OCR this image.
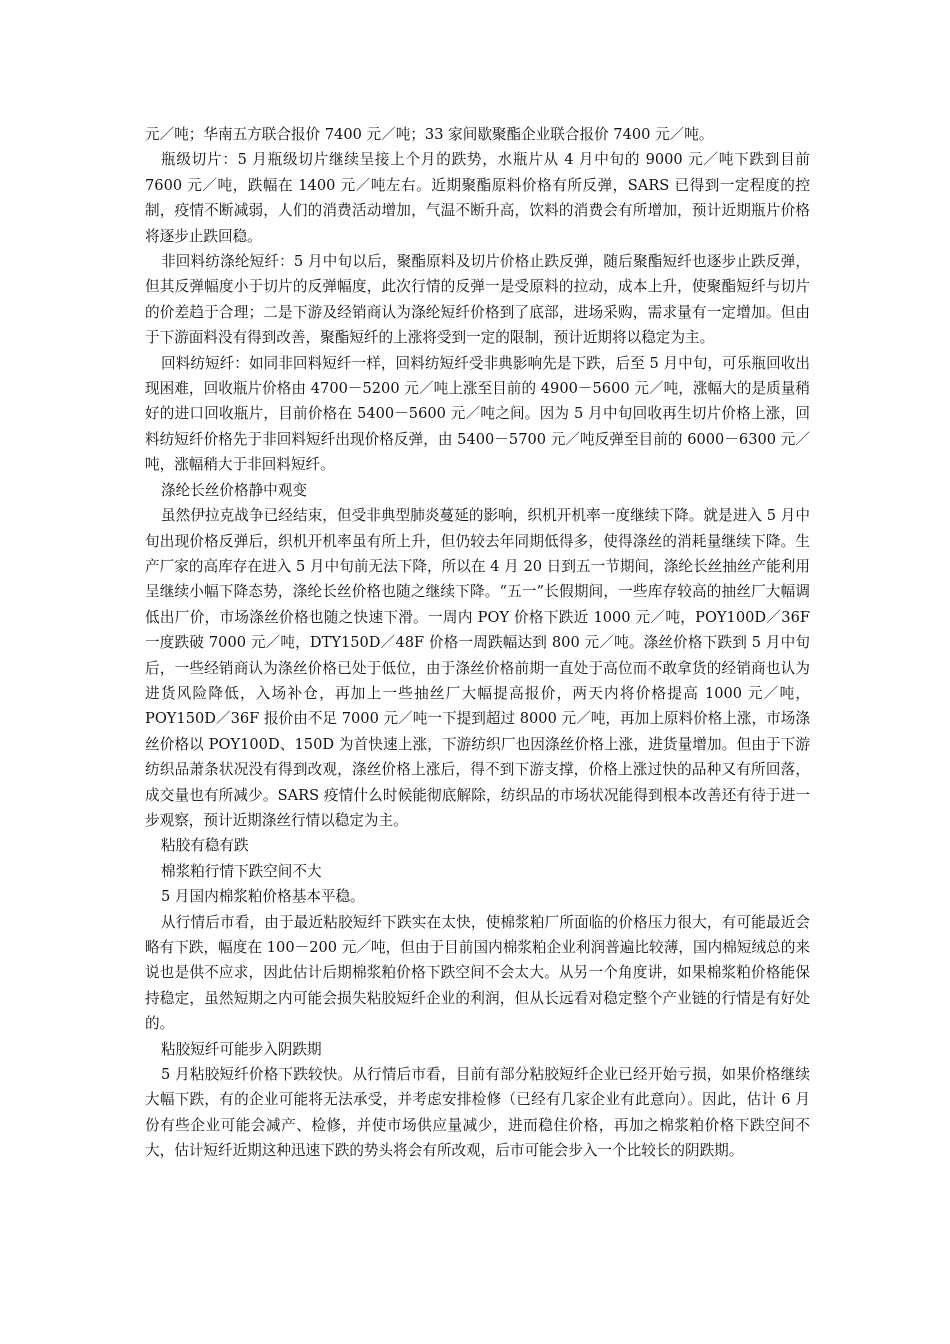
元／吨；华南五方联合报价 7400 元／吨；33 家间歇聚酯企业联合报价 7400 元／吨。

瓶级切片：5 月瓶级切片继续呈接上个月的跌势，水瓶片从 4 月中旬的 9000 元／吨下跌到目前 7600 元／吨，跌幅在 1400 元／吨左右。近期聚酯原料价格有所反弹，SARS 已得到一定程度的控制，疫情不断减弱，人们的消费活动增加，气温不断升高，饮料的消费会有所增加，预计近期瓶片价格将逐步止跌回稳。

非回料纺涤纶短纤：5 月中旬以后，聚酯原料及切片价格止跌反弹，随后聚酯短纤也逐步止跌反弹，但其反弹幅度小于切片的反弹幅度，此次行情的反弹一是受原料的拉动，成本上升，使聚酯短纤与切片的价差趋于合理；二是下游及经销商认为涤纶短纤价格到了底部，进场采购，需求量有一定增加。但由于下游面料没有得到改善，聚酯短纤的上涨将受到一定的限制，预计近期将以稳定为主。

回料纺短纤：如同非回料短纤一样，回料纺短纤受非典影响先是下跌，后至 5 月中旬，可乐瓶回收出现困难，回收瓶片价格由 4700－5200 元／吨上涨至目前的 4900－5600 元／吨，涨幅大的是质量稍好的进口回收瓶片，目前价格在 5400－5600 元／吨之间。因为 5 月中旬回收再生切片价格上涨，回料纺短纤价格先于非回料短纤出现价格反弹，由 5400－5700 元／吨反弹至目前的 6000－6300 元／吨，涨幅稍大于非回料短纤。

涤纶长丝价格静中观变

虽然伊拉克战争已经结束，但受非典型肺炎蔓延的影响，织机开机率一度继续下降。就是进入 5 月中旬出现价格反弹后，织机开机率虽有所上升，但仍较去年同期低得多，使得涤丝的消耗量继续下降。生产厂家的高库存在进入 5 月中旬前无法下降，所以在 4 月 20 日到五一节期间，涤纶长丝抽丝产能利用呈继续小幅下降态势，涤纶长丝价格也随之继续下降。“五一”长假期间，一些库存较高的抽丝厂大幅调低出厂价，市场涤丝价格也随之快速下滑。一周内 POY 价格下跌近 1000 元／吨，POY100D／36F 一度跌破 7000 元／吨，DTY150D／48F 价格一周跌幅达到 800 元／吨。涤丝价格下跌到 5 月中旬后，一些经销商认为涤丝价格已处于低位，由于涤丝价格前期一直处于高位而不敢拿货的经销商也认为进货风险降低，入场补仓，再加上一些抽丝厂大幅提高报价，两天内将价格提高 1000 元／吨，POY150D／36F 报价由不足 7000 元／吨一下提到超过 8000 元／吨，再加上原料价格上涨，市场涤丝价格以 POY100D、150D 为首快速上涨，下游纺织厂也因涤丝价格上涨，进货量增加。但由于下游纺织品萧条状况没有得到改观，涤丝价格上涨后，得不到下游支撑，价格上涨过快的品种又有所回落，成交量也有所减少。SARS 疫情什么时候能彻底解除，纺织品的市场状况能得到根本改善还有待于进一步观察，预计近期涤丝行情以稳定为主。

粘胶有稳有跌

棉浆粕行情下跌空间不大

5 月国内棉浆粕价格基本平稳。

从行情后市看，由于最近粘胶短纤下跌实在太快，使棉浆粕厂所面临的价格压力很大，有可能最近会略有下跌，幅度在 100－200 元／吨，但由于目前国内棉浆粕企业利润普遍比较薄，国内棉短绒总的来说也是供不应求，因此估计后期棉浆粕价格下跌空间不会太大。从另一个角度讲，如果棉浆粕价格能保持稳定，虽然短期之内可能会损失粘胶短纤企业的利润，但从长远看对稳定整个产业链的行情是有好处的。

粘胶短纤可能步入阴跌期

5 月粘胶短纤价格下跌较快。从行情后市看，目前有部分粘胶短纤企业已经开始亏损，如果价格继续大幅下跌，有的企业可能将无法承受，并考虑安排检修（已经有几家企业有此意向）。因此，估计 6 月份有些企业可能会减产、检修，并使市场供应量减少，进而稳住价格，再加之棉浆粕价格下跌空间不大，估计短纤近期这种迅速下跌的势头将会有所改观，后市可能会步入一个比较长的阴跌期。
